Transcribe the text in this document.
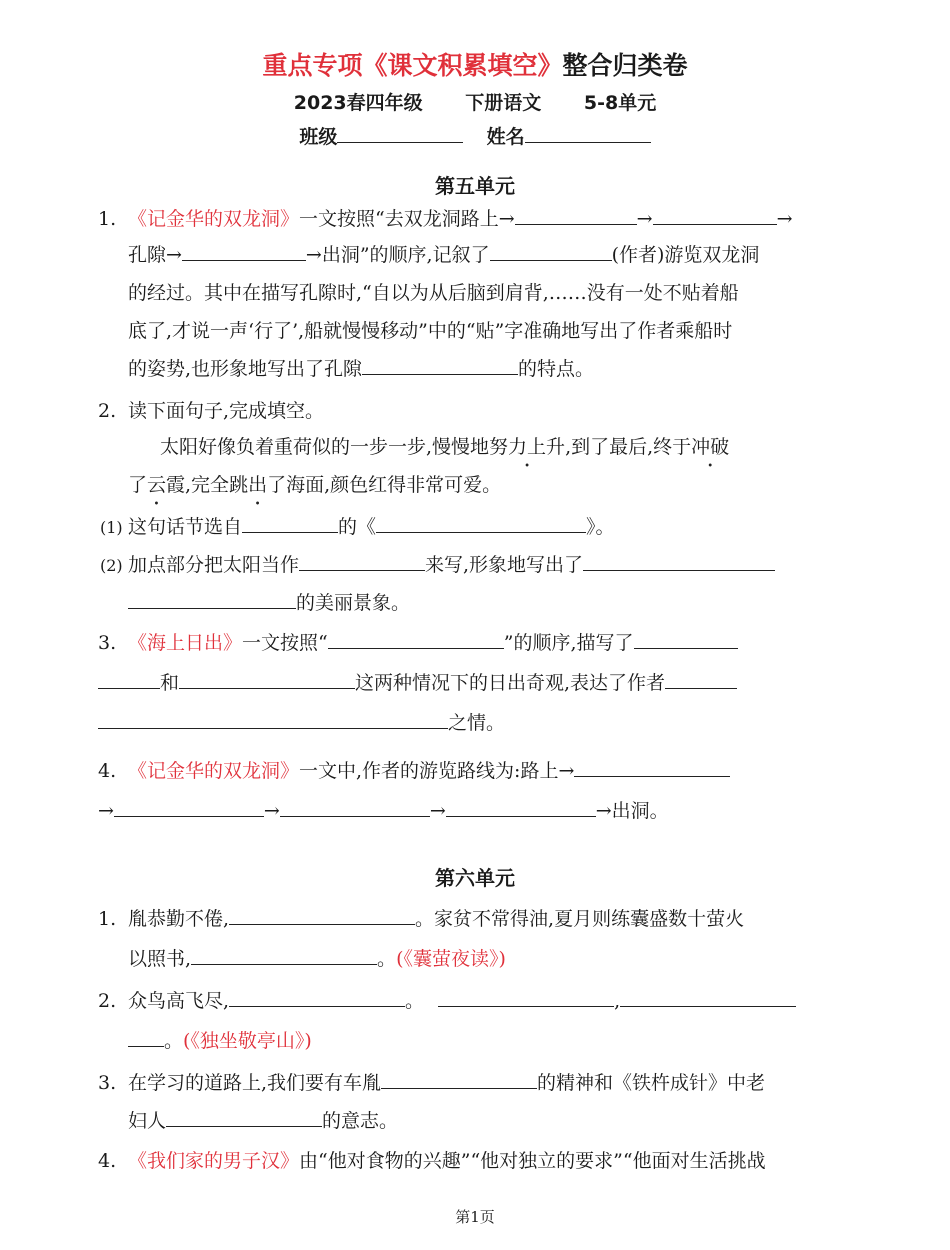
重点专项《课文积累填空》整合归类卷
2023春四年级 下册语文 5-8单元
班级	姓名
第五单元
1. 《记金华的双龙洞》一文按照“去双龙洞路上→	→	→
孔隙→	→出洞”的顺序,记叙了	(作者)游览双龙洞
的经过。其中在描写孔隙时,“自以为从后脑到肩背,……没有一处不贴着船
底了,才说一声‘行了’,船就慢慢移动”中的“贴”字准确地写出了作者乘船时
的姿势,也形象地写出了孔隙	的特点。
2. 读下面句子,完成填空。
太阳好像负着重荷似的一步一步,慢慢地努力上升,到了最后,终于冲破
了云霞,完全跳出了海面,颜色红得非常可爱。
(1) 这句话节选自	的《	》。
(2) 加点部分把太阳当作	来写,形象地写出了
的美丽景象。
3. 《海上日出》一文按照“	”的顺序,描写了
和	这两种情况下的日出奇观,表达了作者
之情。
4. 《记金华的双龙洞》一文中,作者的游览路线为:路上→
→	→	→	→出洞。
第六单元
1. 胤恭勤不倦,	。家贫不常得油,夏月则练囊盛数十萤火
以照书,	。(《囊萤夜读》)
2. 众鸟高飞尽,	。	,
。(《独坐敬亭山》)
3. 在学习的道路上,我们要有车胤	的精神和《铁杵成针》中老
妇人	的意志。
4. 《我们家的男子汉》由“他对食物的兴趣”“他对独立的要求”“他面对生活挑战
第1页
